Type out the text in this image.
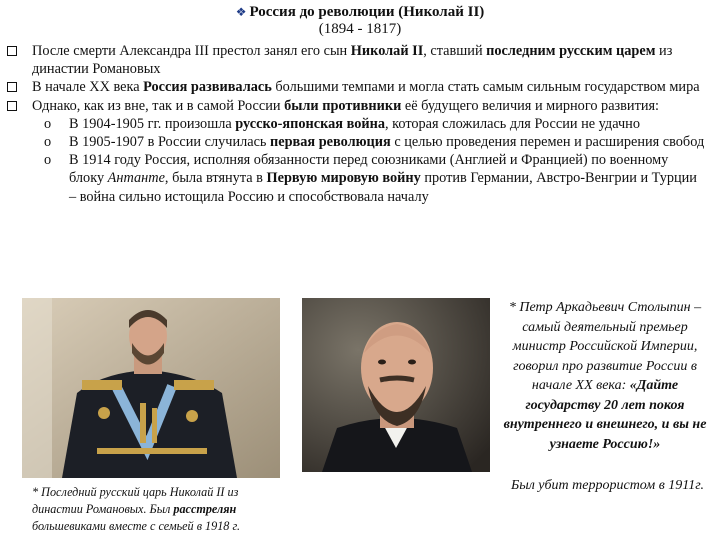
❖ Россия до революции (Николай II)
(1894 - 1817)
После смерти Александра III престол занял его сын Николай II, ставший последним русским царем из династии Романовых
В начале XX века Россия развивалась большими темпами и могла стать самым сильным государством мира
Однако, как из вне, так и в самой России были противники её будущего величия и мирного развития:
o В 1904-1905 гг. произошла русско-японская война, которая сложилась для России не удачно
o В 1905-1907 в России случилась первая революция с целью проведения перемен и расширения свобод
o В 1914 году Россия, исполняя обязанности перед союзниками (Англией и Францией) по военному блоку Антанте, была втянута в Первую мировую войну против Германии, Австро-Венгрии и Турции – война сильно истощила Россию и способствовала началу
* Последний русский царь Николай II из династии Романовых. Был расстрелян большевиками вместе с семьей в 1918 г.
* Петр Аркадьевич Столыпин – самый деятельный премьер министр Российской Империи, говорил про развитие России в начале XX века: «Дайте государству 20 лет покоя внутреннего и внешнего, и вы не узнаете Россию!»
Был убит террористом в 1911г.
